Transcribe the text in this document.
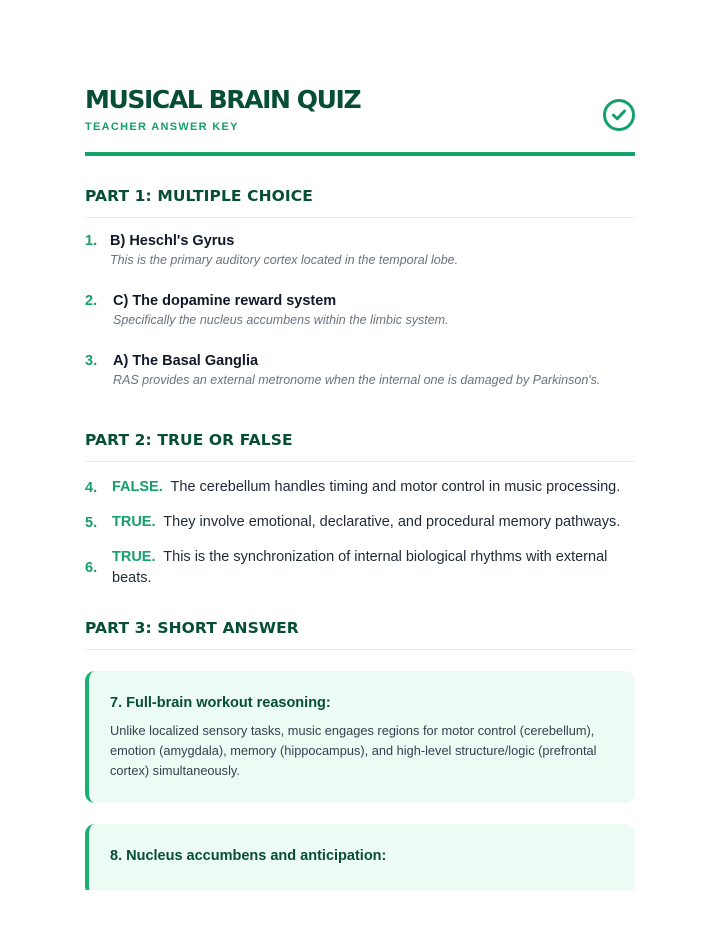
MUSICAL BRAIN QUIZ
TEACHER ANSWER KEY
PART 1: MULTIPLE CHOICE
1. B) Heschl's Gyrus
This is the primary auditory cortex located in the temporal lobe.
2.	C) The dopamine reward system
Specifically the nucleus accumbens within the limbic system.
3.	A) The Basal Ganglia
RAS provides an external metronome when the internal one is damaged by Parkinson's.
PART 2: TRUE OR FALSE
4.	FALSE. The cerebellum handles timing and motor control in music processing.
5.	TRUE. They involve emotional, declarative, and procedural memory pathways.
6.
TRUE. This is the synchronization of internal biological rhythms with external beats.
PART 3: SHORT ANSWER
7. Full-brain workout reasoning:
Unlike localized sensory tasks, music engages regions for motor control (cerebellum), emotion (amygdala), memory (hippocampus), and high-level structure/logic (prefrontal cortex) simultaneously.
8. Nucleus accumbens and anticipation:
